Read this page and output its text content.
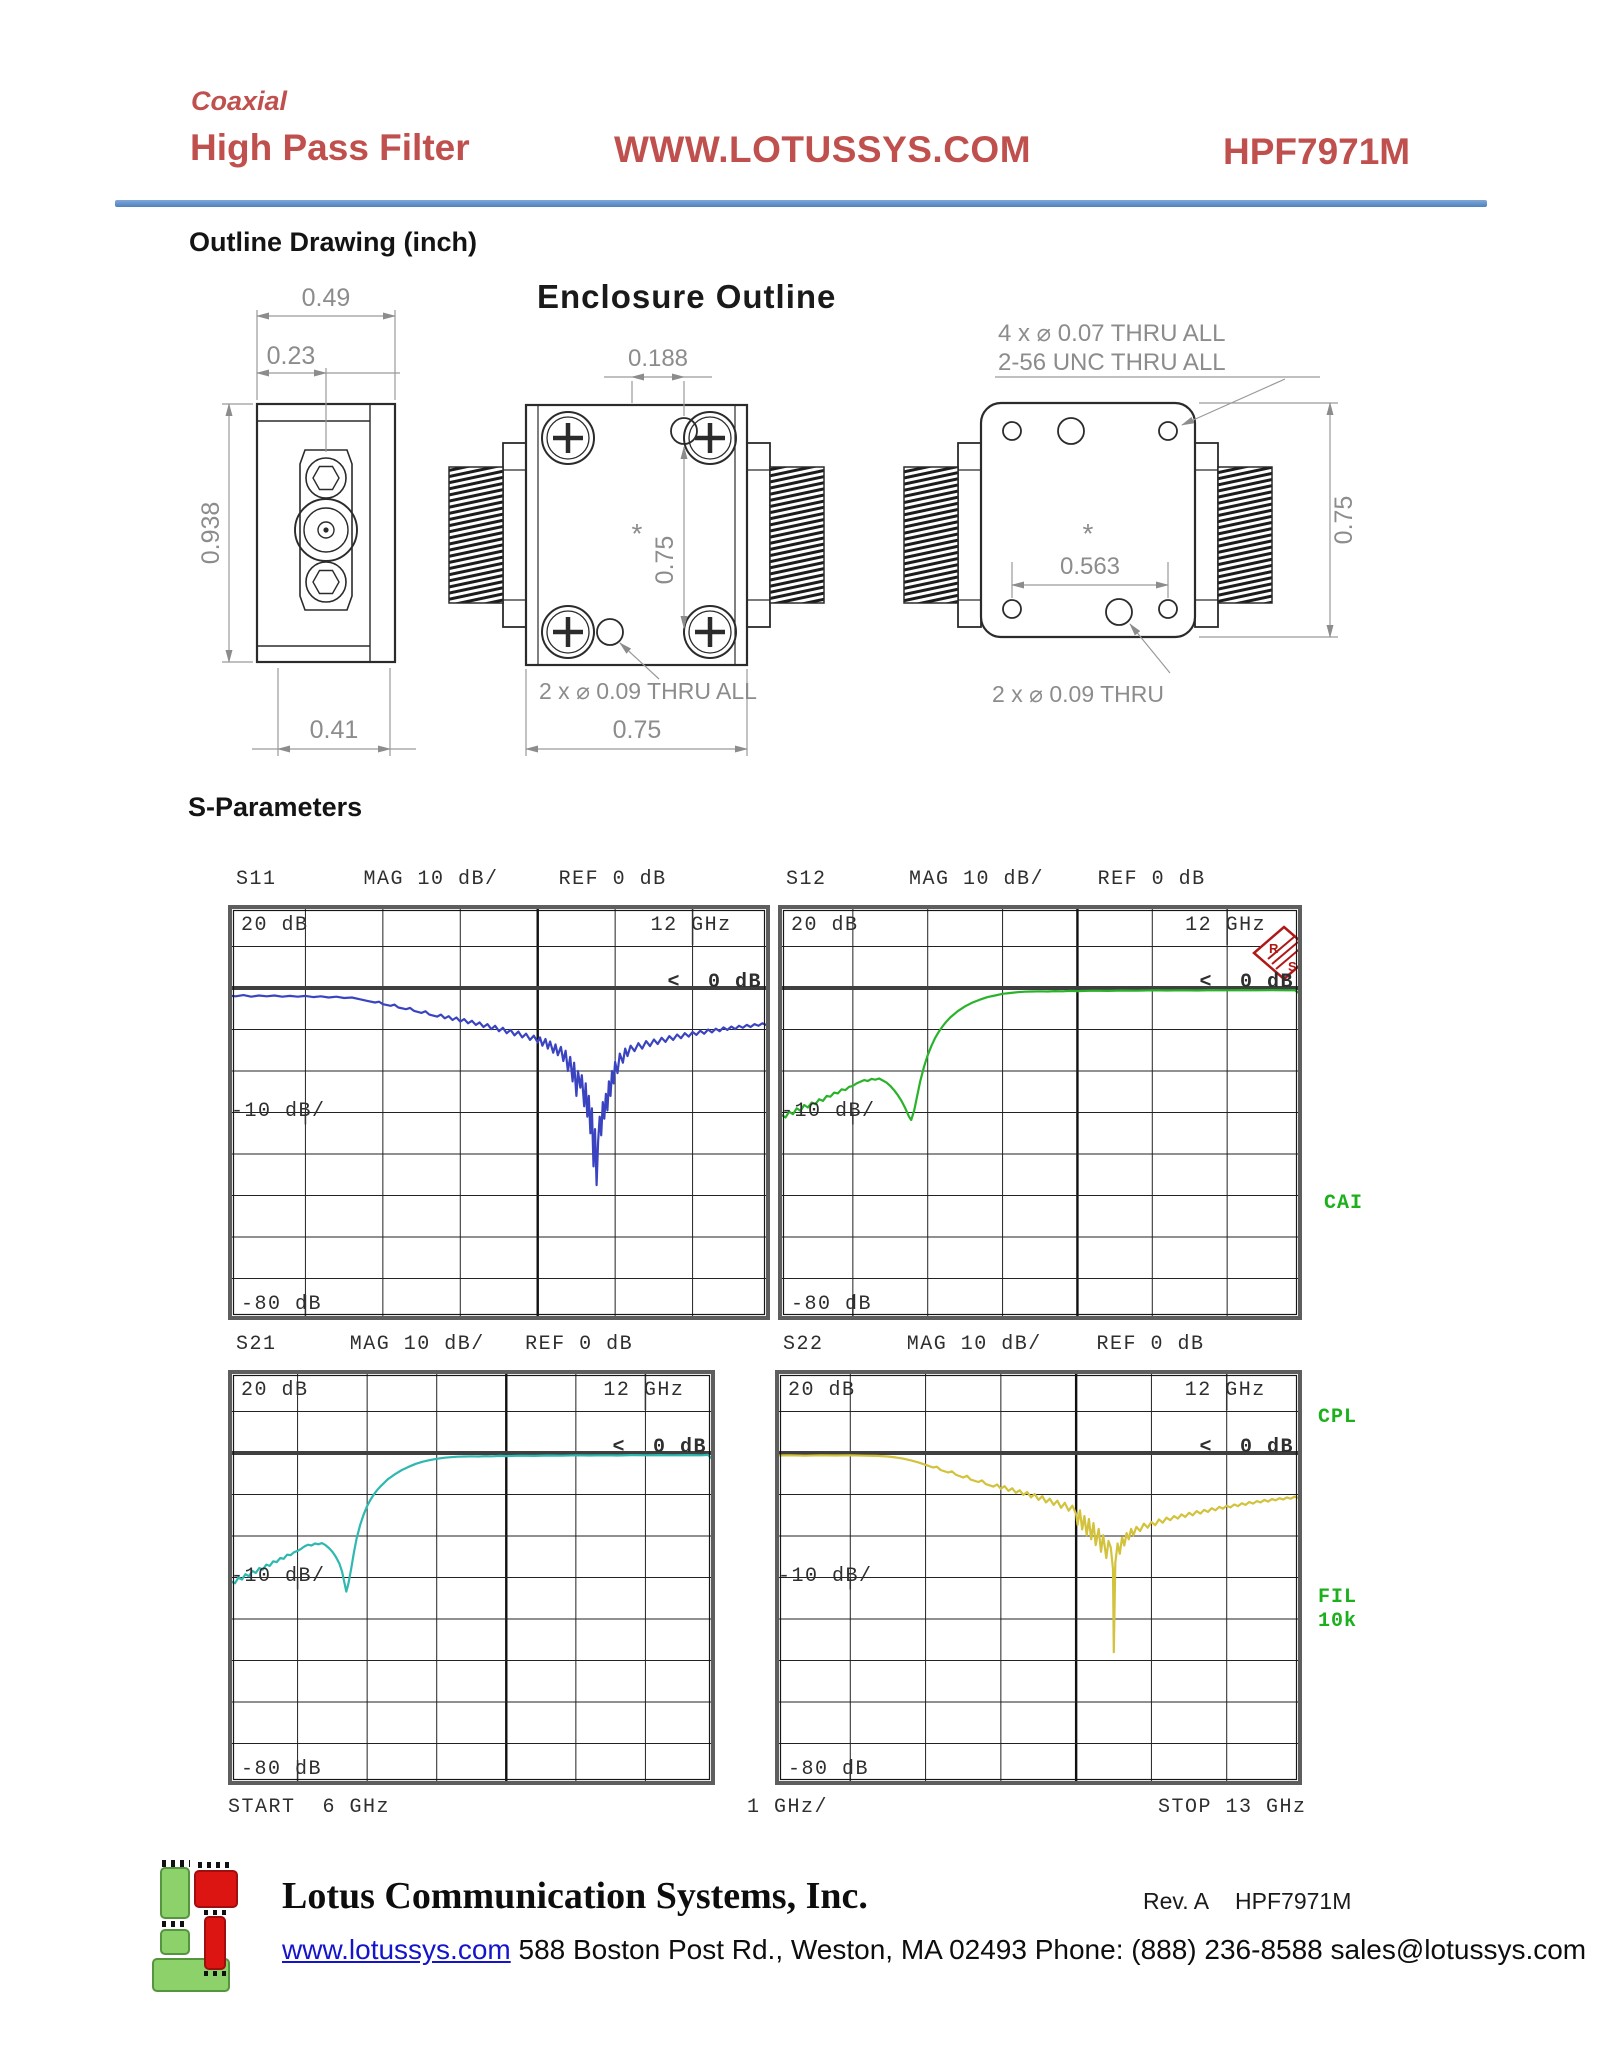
Coaxial
High Pass Filter	WWW.LOTUSSYS.COM	HPF7971M
Outline Drawing (inch)
Enclosure Outline
0.49
0.23
0.938
0.41
0.188
0.75
*
2 x ⌀ 0.09 THRU ALL
0.75
4 x ⌀ 0.07 THRU ALL
2-56 UNC THRU ALL
0.563
0.75
*
2 x ⌀ 0.09 THRU
S-Parameters
S11	MAG 10 dB/	REF 0 dB
20 dB	12 GHz
<  0 dB
-10 dB/
-80 dB
R
S
S12	MAG 10 dB/	REF 0 dB
20 dB	12 GHz
<  0 dB
-10 dB/
-80 dB
S21	MAG 10 dB/ REF 0 dB
20 dB	12 GHz
<  0 dB
-10 dB/
-80 dB
S22	MAG 10 dB/	REF 0 dB
20 dB	12 GHz
<  0 dB
-10 dB/
-80 dB
START  6 GHz	1 GHz/	STOP 13 GHz
CAI
CPL
FIL
10k
Lotus Communication Systems, Inc.	Rev. A HPF7971M
www.lotussys.com 588 Boston Post Rd., Weston, MA 02493 Phone: (888) 236-8588 sales@lotussys.com
